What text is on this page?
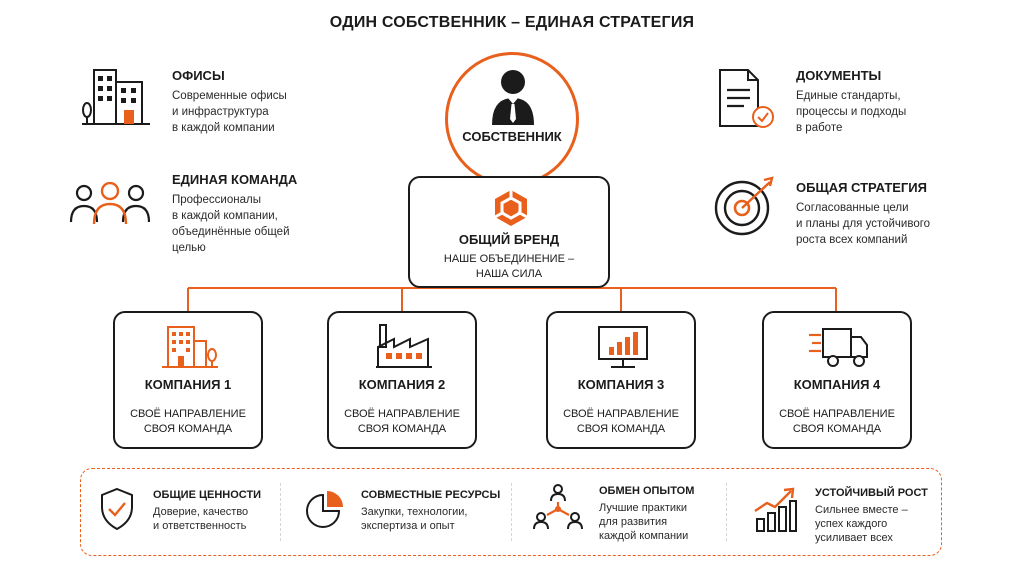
ОДИН СОБСТВЕННИК – ЕДИНАЯ СТРАТЕГИЯ
ОФИСЫ
Современные офисы
и инфраструктура
в каждой компании
ЕДИНАЯ КОМАНДА
Профессионалы
в каждой компании,
объединённые общей
целью
ДОКУМЕНТЫ
Единые стандарты,
процессы и подходы
в работе
ОБЩАЯ СТРАТЕГИЯ
Согласованные цели
и планы для устойчивого
роста всех компаний
СОБСТВЕННИК
ОБЩИЙ БРЕНД
НАШЕ ОБЪЕДИНЕНИЕ –
НАША СИЛА
КОМПАНИЯ 1
СВОЁ НАПРАВЛЕНИЕ
СВОЯ КОМАНДА
КОМПАНИЯ 2
СВОЁ НАПРАВЛЕНИЕ
СВОЯ КОМАНДА
КОМПАНИЯ 3
СВОЁ НАПРАВЛЕНИЕ
СВОЯ КОМАНДА
КОМПАНИЯ 4
СВОЁ НАПРАВЛЕНИЕ
СВОЯ КОМАНДА
ОБЩИЕ ЦЕННОСТИ
Доверие, качество
и ответственность
СОВМЕСТНЫЕ РЕСУРСЫ
Закупки, технологии,
экспертиза и опыт
ОБМЕН ОПЫТОМ
Лучшие практики
для развития
каждой компании
УСТОЙЧИВЫЙ РОСТ
Сильнее вместе –
успех каждого
усиливает всех
